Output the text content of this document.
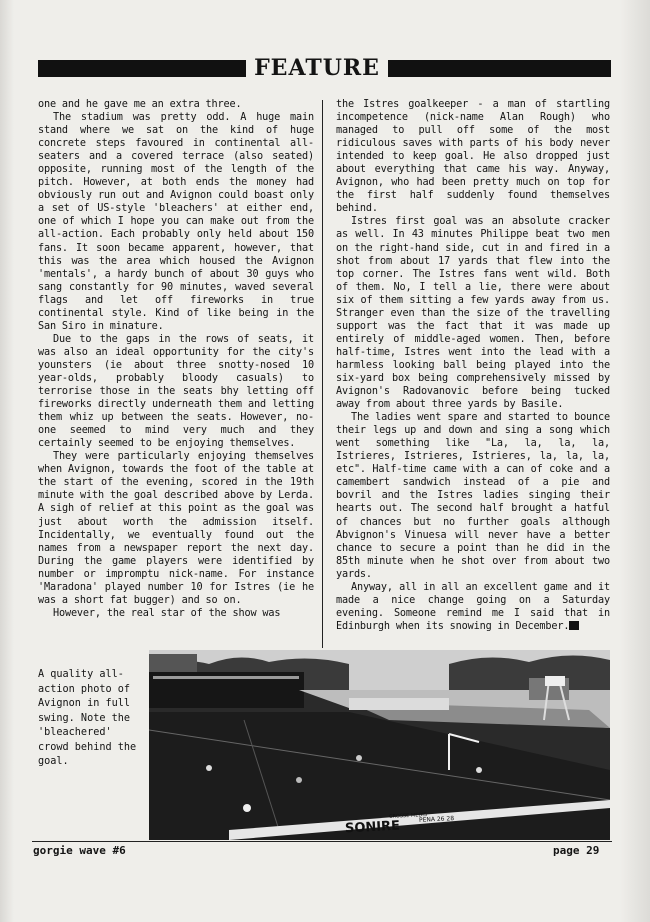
FEATURE

one and he gave me an extra three.

The stadium was pretty odd. A huge main stand where we sat on the kind of huge concrete steps favoured in continental all-seaters and a covered terrace (also seated) opposite, running most of the length of the pitch. However, at both ends the money had obviously run out and Avignon could boast only a set of US-style 'bleachers' at either end, one of which I hope you can make out from the all-action. Each probably only held about 150 fans. It soon became apparent, however, that this was the area which housed the Avignon 'mentals', a hardy bunch of about 30 guys who sang constantly for 90 minutes, waved several flags and let off fireworks in true continental style. Kind of like being in the San Siro in minature.

Due to the gaps in the rows of seats, it was also an ideal opportunity for the city's younsters (ie about three snotty-nosed 10 year-olds, probably bloody casuals) to terrorise those in the seats bhy letting off fireworks directly underneath them and letting them whiz up between the seats. However, no-one seemed to mind very much and they certainly seemed to be enjoying themselves.

They were particularly enjoying themselves when Avignon, towards the foot of the table at the start of the evening, scored in the 19th minute with the goal described above by Lerda. A sigh of relief at this point as the goal was just about worth the admission itself. Incidentally, we eventually found out the names from a newspaper report the next day. During the game players were identified by number or impromptu nick-name. For instance 'Maradona' played number 10 for Istres (ie he was a short fat bugger) and so on.

However, the real star of the show was

the Istres goalkeeper - a man of startling incompetence (nick-name Alan Rough) who managed to pull off some of the most ridiculous saves with parts of his body never intended to keep goal. He also dropped just about everything that came his way. Anyway, Avignon, who had been pretty much on top for the first half suddenly found themselves behind.

Istres first goal was an absolute cracker as well. In 43 minutes Philippe beat two men on the right-hand side, cut in and fired in a shot from about 17 yards that flew into the top corner. The Istres fans went wild. Both of them. No, I tell a lie, there were about six of them sitting a few yards away from us. Stranger even than the size of the travelling support was the fact that it was made up entirely of middle-aged women. Then, before half-time, Istres went into the lead with a harmless looking ball being played into the six-yard box being comprehensively missed by Avignon's Radovanovic before being tucked away from about three yards by Basile.

The ladies went spare and started to bounce their legs up and down and sing a song which went something like "La, la, la, la, Istrieres, Istrieres, Istrieres, la, la, la, etc". Half-time came with a can of coke and a camembert sandwich instead of a pie and bovril and the Istres ladies singing their hearts out. The second half brought a hatful of chances but no further goals although Abvignon's Vinuesa will never have a better chance to secure a point than he did in the 85th minute when he shot over from about two yards.

Anyway, all in all an excellent game and it made a nice change going on a Saturday evening. Someone remind me I said that in Edinburgh when its snowing in December.

A quality all-action photo of Avignon in full swing. Note the 'bleachered' crowd behind the goal.
CROSSE MEDIS
SONIRE	PENA 26 28
gorgie wave #6	page 29
